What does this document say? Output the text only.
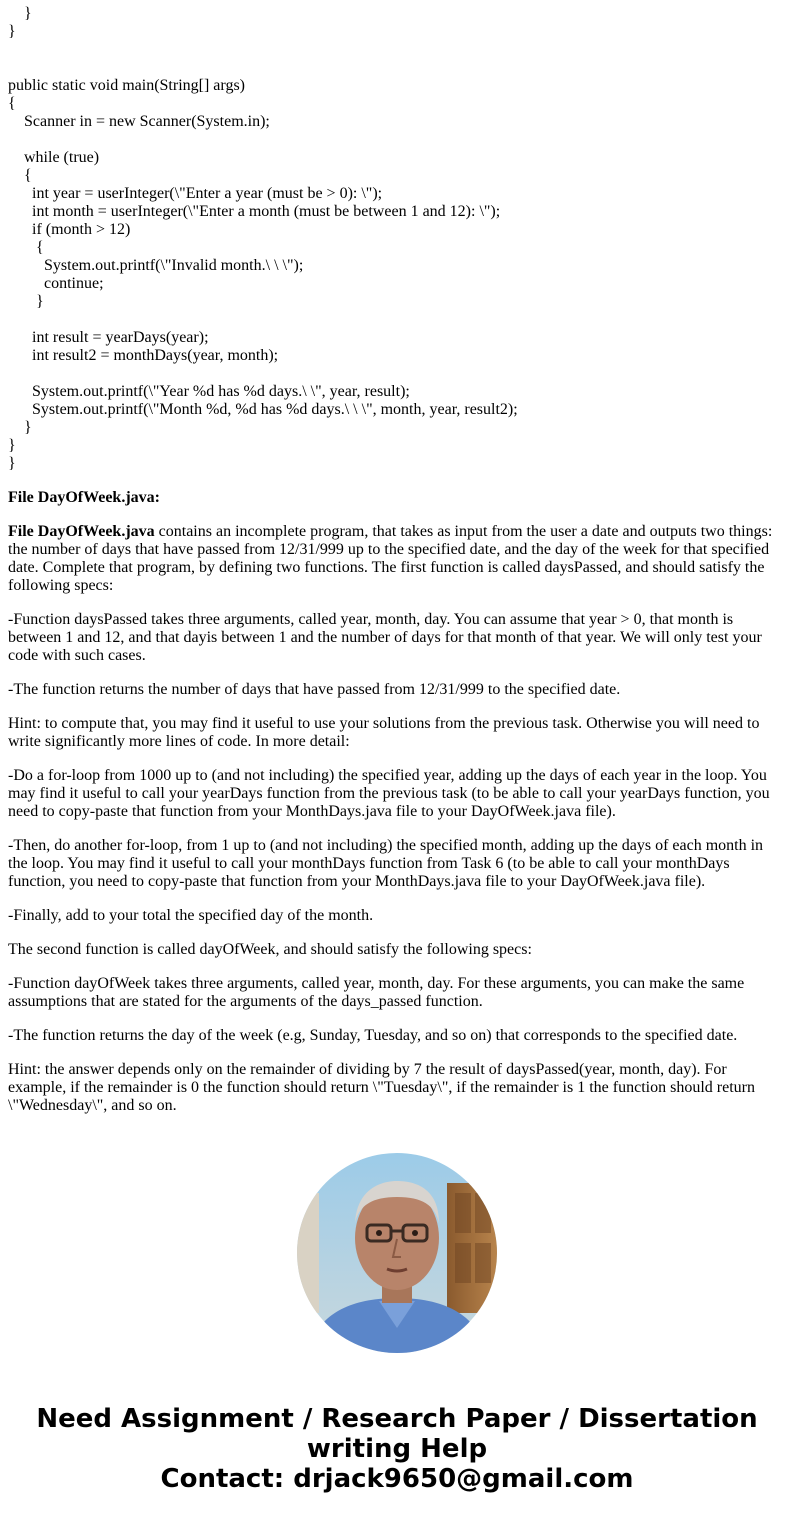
}
}
public static void main(String[] args)
{
Scanner in = new Scanner(System.in);
while (true)
{
int year = userInteger(\"Enter a year (must be > 0): \");
int month = userInteger(\"Enter a month (must be between 1 and 12): \");
if (month > 12)
{
System.out.printf(\"Invalid month.\ \ \");
continue;
}
int result = yearDays(year);
int result2 = monthDays(year, month);
System.out.printf(\"Year %d has %d days.\ \", year, result);
System.out.printf(\"Month %d, %d has %d days.\ \ \", month, year, result2);
}
}
}
File DayOfWeek.java:

File DayOfWeek.java contains an incomplete program, that takes as input from the user a date and outputs two things: the number of days that have passed from 12/31/999 up to the specified date, and the day of the week for that specified date. Complete that program, by defining two functions. The first function is called daysPassed, and should satisfy the following specs:

-Function daysPassed takes three arguments, called year, month, day. You can assume that year > 0, that month is between 1 and 12, and that dayis between 1 and the number of days for that month of that year. We will only test your code with such cases.

-The function returns the number of days that have passed from 12/31/999 to the specified date.

Hint: to compute that, you may find it useful to use your solutions from the previous task. Otherwise you will need to write significantly more lines of code. In more detail:

-Do a for-loop from 1000 up to (and not including) the specified year, adding up the days of each year in the loop. You may find it useful to call your yearDays function from the previous task (to be able to call your yearDays function, you need to copy-paste that function from your MonthDays.java file to your DayOfWeek.java file).

-Then, do another for-loop, from 1 up to (and not including) the specified month, adding up the days of each month in the loop. You may find it useful to call your monthDays function from Task 6 (to be able to call your monthDays function, you need to copy-paste that function from your MonthDays.java file to your DayOfWeek.java file).

-Finally, add to your total the specified day of the month.

The second function is called dayOfWeek, and should satisfy the following specs:

-Function dayOfWeek takes three arguments, called year, month, day. For these arguments, you can make the same assumptions that are stated for the arguments of the days_passed function.

-The function returns the day of the week (e.g, Sunday, Tuesday, and so on) that corresponds to the specified date.

Hint: the answer depends only on the remainder of dividing by 7 the result of daysPassed(year, month, day). For example, if the remainder is 0 the function should return \"Tuesday\", if the remainder is 1 the function should return \"Wednesday\", and so on.

Need Assignment / Research Paper / Dissertation
writing Help
Contact: drjack9650@gmail.com
